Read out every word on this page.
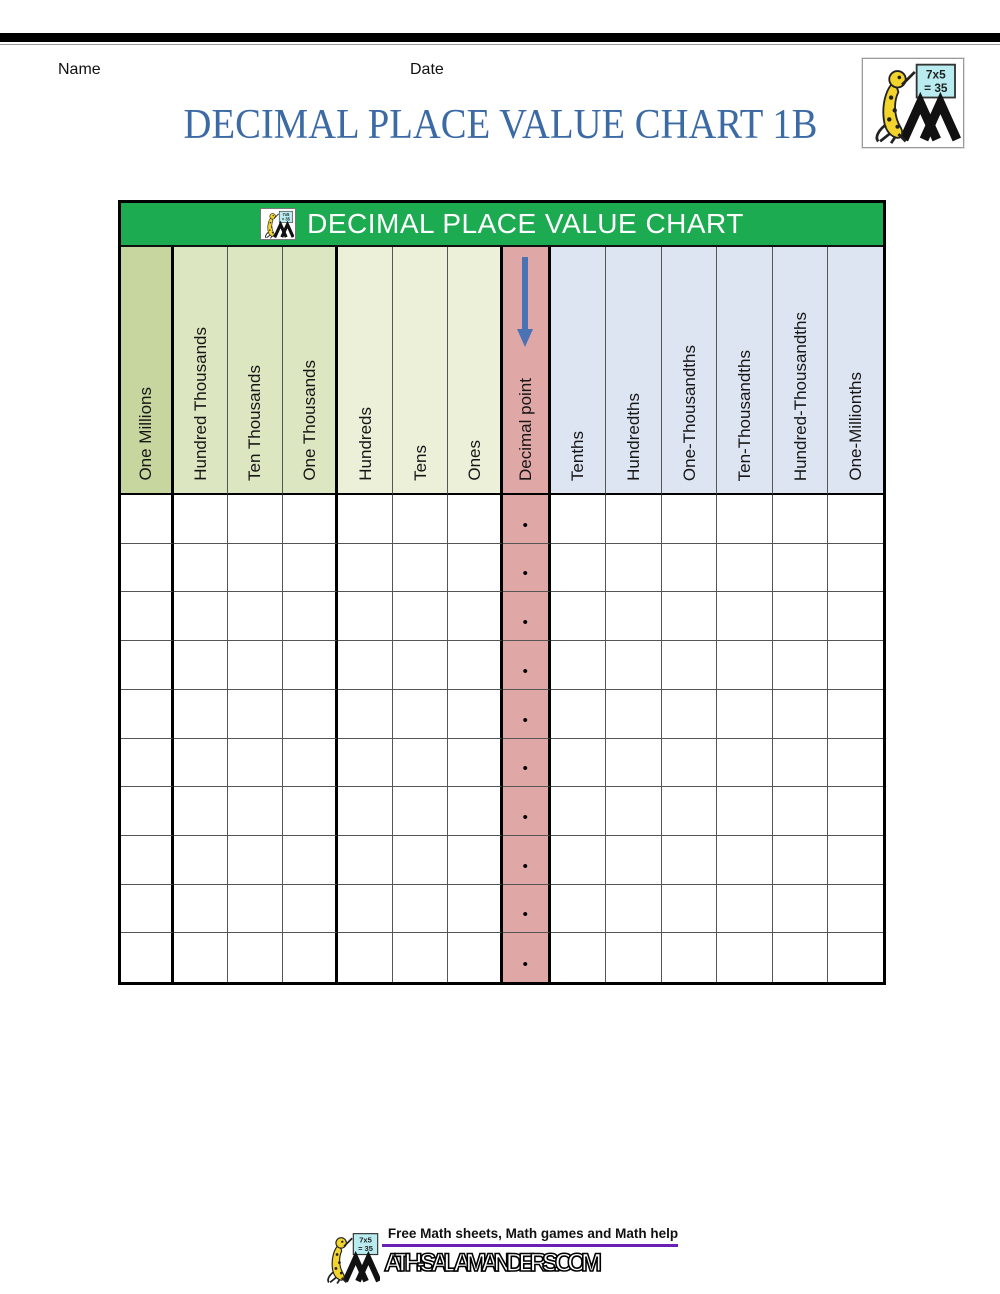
Name	Date
DECIMAL PLACE VALUE CHART 1B
DECIMAL PLACE VALUE CHART
One Millions Hundred Thousands Ten Thousands One Thousands Hundreds Tens Ones Decimal point Tenths Hundredths One-Thousandths Ten-Thousandths Hundred-Thousandths One-Millionths
•
•
•
•
•
•
•
•
•
•
Free Math sheets, Math games and Math help
ATH-SALAMANDERS.COM
